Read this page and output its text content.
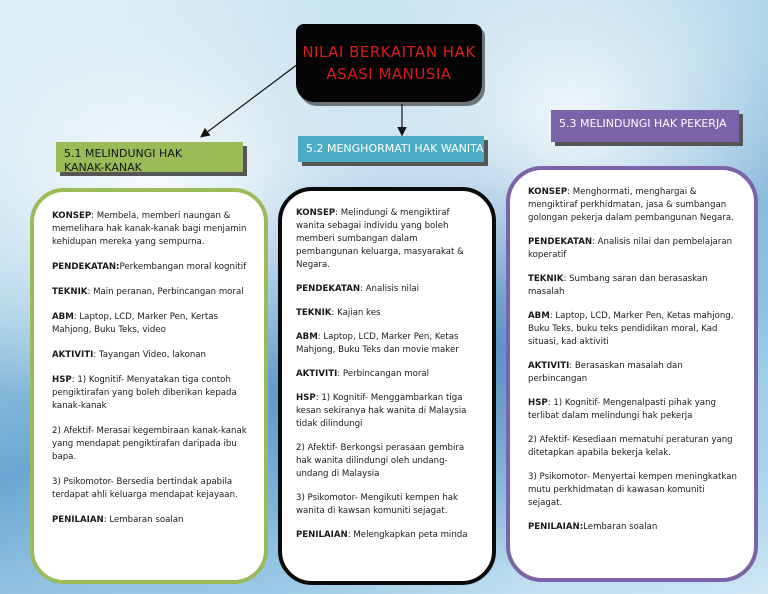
NILAI BERKAITAN HAK
ASASI MANUSIA
5.1 MELINDUNGI HAK KANAK-KANAK
5.2 MENGHORMATI HAK WANITA
5.3 MELINDUNGI HAK PEKERJA
KONSEP: Membela, memberi naungan & memelihara hak kanak-kanak bagi menjamin kehidupan mereka yang sempurna.
PENDEKATAN:Perkembangan moral kognitif
TEKNIK: Main peranan, Perbincangan moral
ABM: Laptop, LCD, Marker Pen, Kertas Mahjong, Buku Teks, video
AKTIVITI: Tayangan Video, lakonan
HSP: 1) Kognitif- Menyatakan tiga contoh pengiktirafan yang boleh diberikan kepada kanak-kanak
2) Afektif- Merasai kegembiraan kanak-kanak yang mendapat pengiktirafan daripada ibu bapa.
3) Psikomotor- Bersedia bertindak apabila terdapat ahli keluarga mendapat kejayaan.
PENILAIAN: Lembaran soalan
KONSEP: Melindungi & mengiktiraf wanita sebagai individu yang boleh memberi sumbangan dalam pembangunan keluarga, masyarakat & Negara.
PENDEKATAN: Analisis nilai
TEKNIK: Kajian kes
ABM: Laptop, LCD, Marker Pen, Ketas Mahjong, Buku Teks dan movie maker
AKTIVITI: Perbincangan moral
HSP: 1) Kognitif- Menggambarkan tiga kesan sekiranya hak wanita di Malaysia tidak dilindungi
2) Afektif- Berkongsi perasaan gembira hak wanita dilindungi oleh undang-undang di Malaysia
3) Psikomotor- Mengikuti kempen hak wanita di kawsan komuniti sejagat.
PENILAIAN: Melengkapkan peta minda
KONSEP: Menghormati, menghargai & mengiktiraf perkhidmatan, jasa & sumbangan golongan pekerja dalam pembangunan Negara.
PENDEKATAN: Analisis nilai dan pembelajaran koperatif
TEKNIK: Sumbang saran dan berasaskan masalah
ABM: Laptop, LCD, Marker Pen, Ketas mahjong, Buku Teks, buku teks pendidikan moral, Kad situasi, kad aktiviti
AKTIVITI: Berasaskan masalah dan perbincangan
HSP: 1) Kognitif- Mengenalpasti pihak yang terlibat dalam melindungi hak pekerja
2) Afektif- Kesediaan mematuhi peraturan yang ditetapkan apabila bekerja kelak.
3) Psikomotor- Menyertai kempen meningkatkan mutu perkhidmatan di kawasan komuniti sejagat.
PENILAIAN:Lembaran soalan
